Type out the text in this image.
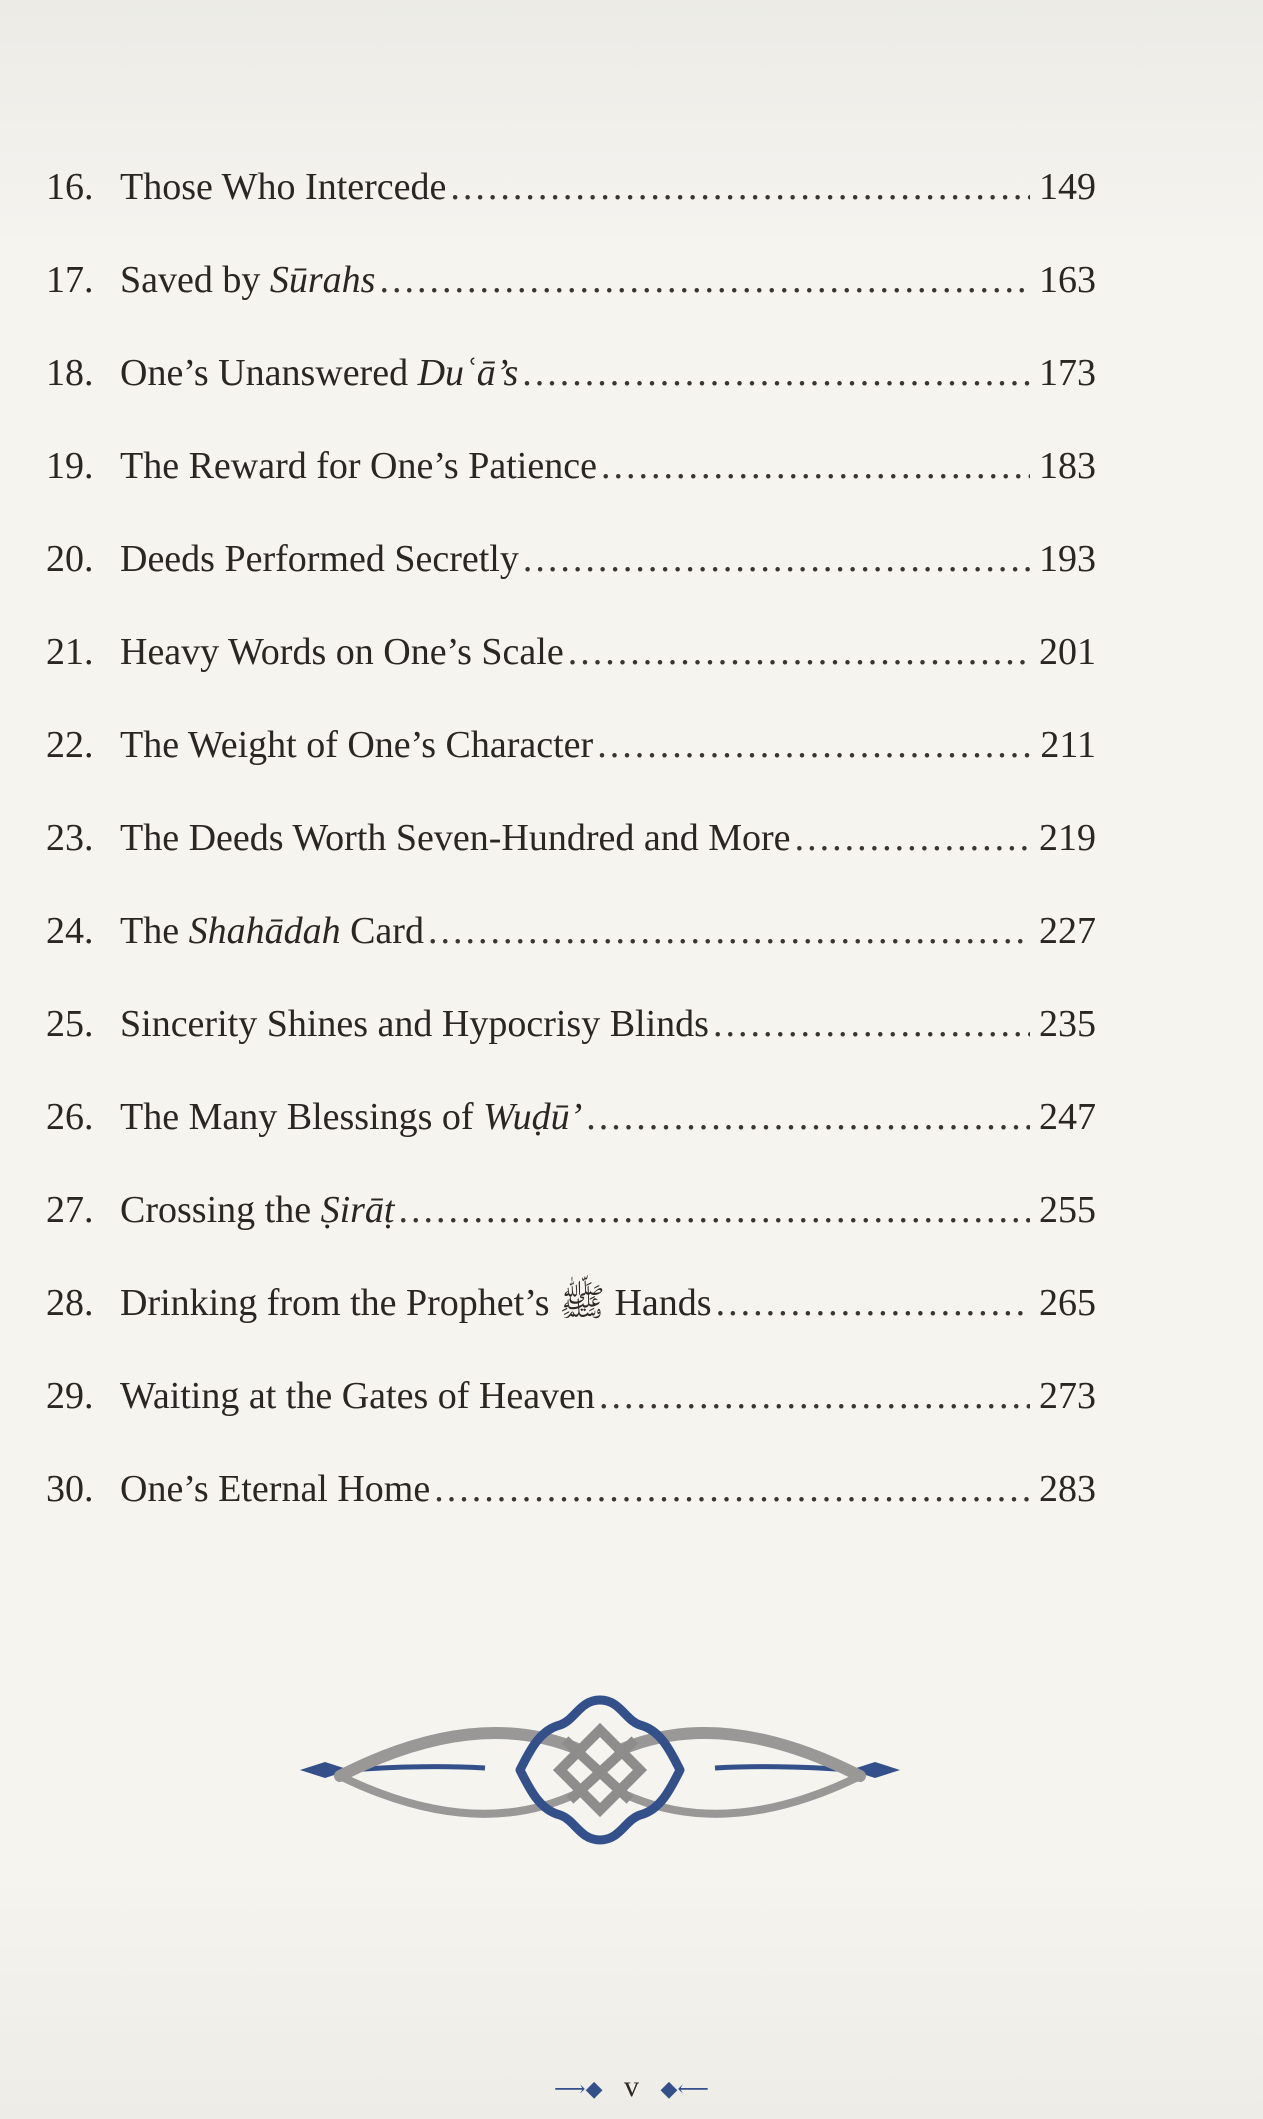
16. Those Who Intercede .....	149
17. Saved by Sūrahs .....	163
18. One’s Unanswered Duʿā’s .....	173
19. The Reward for One’s Patience .....	183
20. Deeds Performed Secretly .....	193
21. Heavy Words on One’s Scale .....	201
22. The Weight of One’s Character .....	211
23. The Deeds Worth Seven-Hundred and More .....	219
24. The Shahādah Card .....	227
25. Sincerity Shines and Hypocrisy Blinds .....	235
26. The Many Blessings of Wuḍū’ .....	247
27. Crossing the Ṣirāṭ .....	255
28. Drinking from the Prophet’s ﷺ Hands .....	265
29. Waiting at the Gates of Heaven .....	273
30. One’s Eternal Home .....	283
⟶◆ v ◆⟵
